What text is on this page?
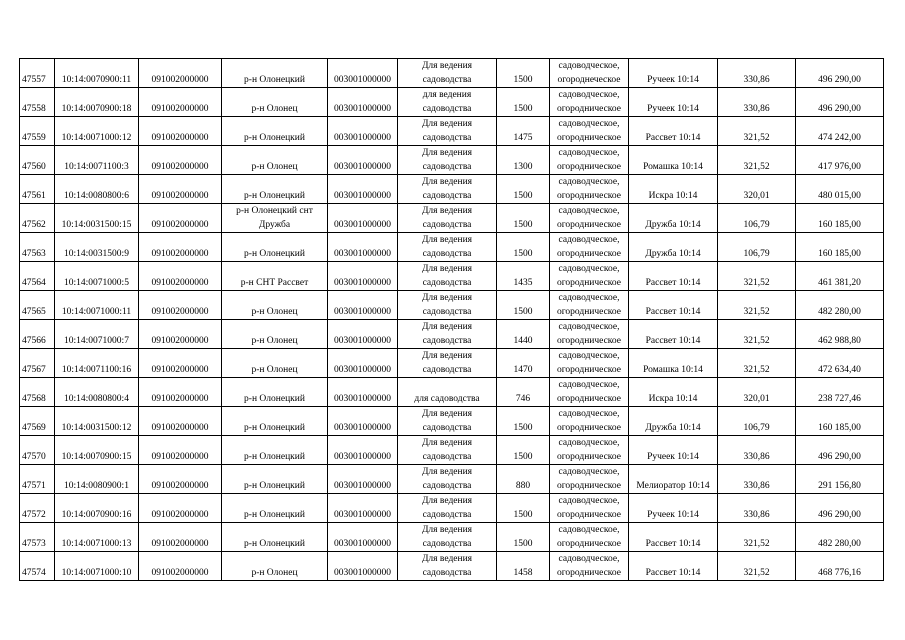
47557	10:14:0070900:11	091002000000	р-н Олонецкий	003001000000	Для ведения
садоводства	1500	садоводческое,
огороднеческое	Ручеек 10:14	330,86	496 290,00
47558	10:14:0070900:18	091002000000	р-н Олонец	003001000000	для ведения
садоводства	1500	садоводческое,
огородническое	Ручеек 10:14	330,86	496 290,00
47559	10:14:0071000:12	091002000000	р-н Олонецкий	003001000000	Для ведения
садоводства	1475	садоводческое,
огородническое	Рассвет 10:14	321,52	474 242,00
47560	10:14:0071100:3	091002000000	р-н Олонец	003001000000	Для ведения
садоводства	1300	садоводческое,
огородническое	Ромашка 10:14	321,52	417 976,00
47561	10:14:0080800:6	091002000000	р-н Олонецкий	003001000000	Для ведения
садоводства	1500	садоводческое,
огородническое	Искра 10:14	320,01	480 015,00
47562	10:14:0031500:15	091002000000	р-н Олонецкий снт
Дружба	003001000000	Для ведения
садоводства	1500	садоводческое,
огородническое	Дружба 10:14	106,79	160 185,00
47563	10:14:0031500:9	091002000000	р-н Олонецкий	003001000000	Для ведения
садоводства	1500	садоводческое,
огородническое	Дружба 10:14	106,79	160 185,00
47564	10:14:0071000:5	091002000000	р-н СНТ Рассвет	003001000000	Для ведения
садоводства	1435	садоводческое,
огородническое	Рассвет 10:14	321,52	461 381,20
47565	10:14:0071000:11	091002000000	р-н Олонец	003001000000	Для ведения
садоводства	1500	садоводческое,
огородническое	Рассвет 10:14	321,52	482 280,00
47566	10:14:0071000:7	091002000000	р-н Олонец	003001000000	Для ведения
садоводства	1440	садоводческое,
огородническое	Рассвет 10:14	321,52	462 988,80
47567	10:14:0071100:16	091002000000	р-н Олонец	003001000000	Для ведения
садоводства	1470	садоводческое,
огородническое	Ромашка 10:14	321,52	472 634,40
47568	10:14:0080800:4	091002000000	р-н Олонецкий	003001000000	для садоводства	746	садоводческое,
огородническое	Искра 10:14	320,01	238 727,46
47569	10:14:0031500:12	091002000000	р-н Олонецкий	003001000000	Для ведения
садоводства	1500	садоводческое,
огородническое	Дружба 10:14	106,79	160 185,00
47570	10:14:0070900:15	091002000000	р-н Олонецкий	003001000000	Для ведения
садоводства	1500	садоводческое,
огородническое	Ручеек 10:14	330,86	496 290,00
47571	10:14:0080900:1	091002000000	р-н Олонецкий	003001000000	Для ведения
садоводства	880	садоводческое,
огородническое	Мелиоратор 10:14	330,86	291 156,80
47572	10:14:0070900:16	091002000000	р-н Олонецкий	003001000000	Для ведения
садоводства	1500	садоводческое,
огородническое	Ручеек 10:14	330,86	496 290,00
47573	10:14:0071000:13	091002000000	р-н Олонецкий	003001000000	Для ведения
садоводства	1500	садоводческое,
огородническое	Рассвет 10:14	321,52	482 280,00
47574	10:14:0071000:10	091002000000	р-н Олонец	003001000000	Для ведения
садоводства	1458	садоводческое,
огородническое	Рассвет 10:14	321,52	468 776,16
